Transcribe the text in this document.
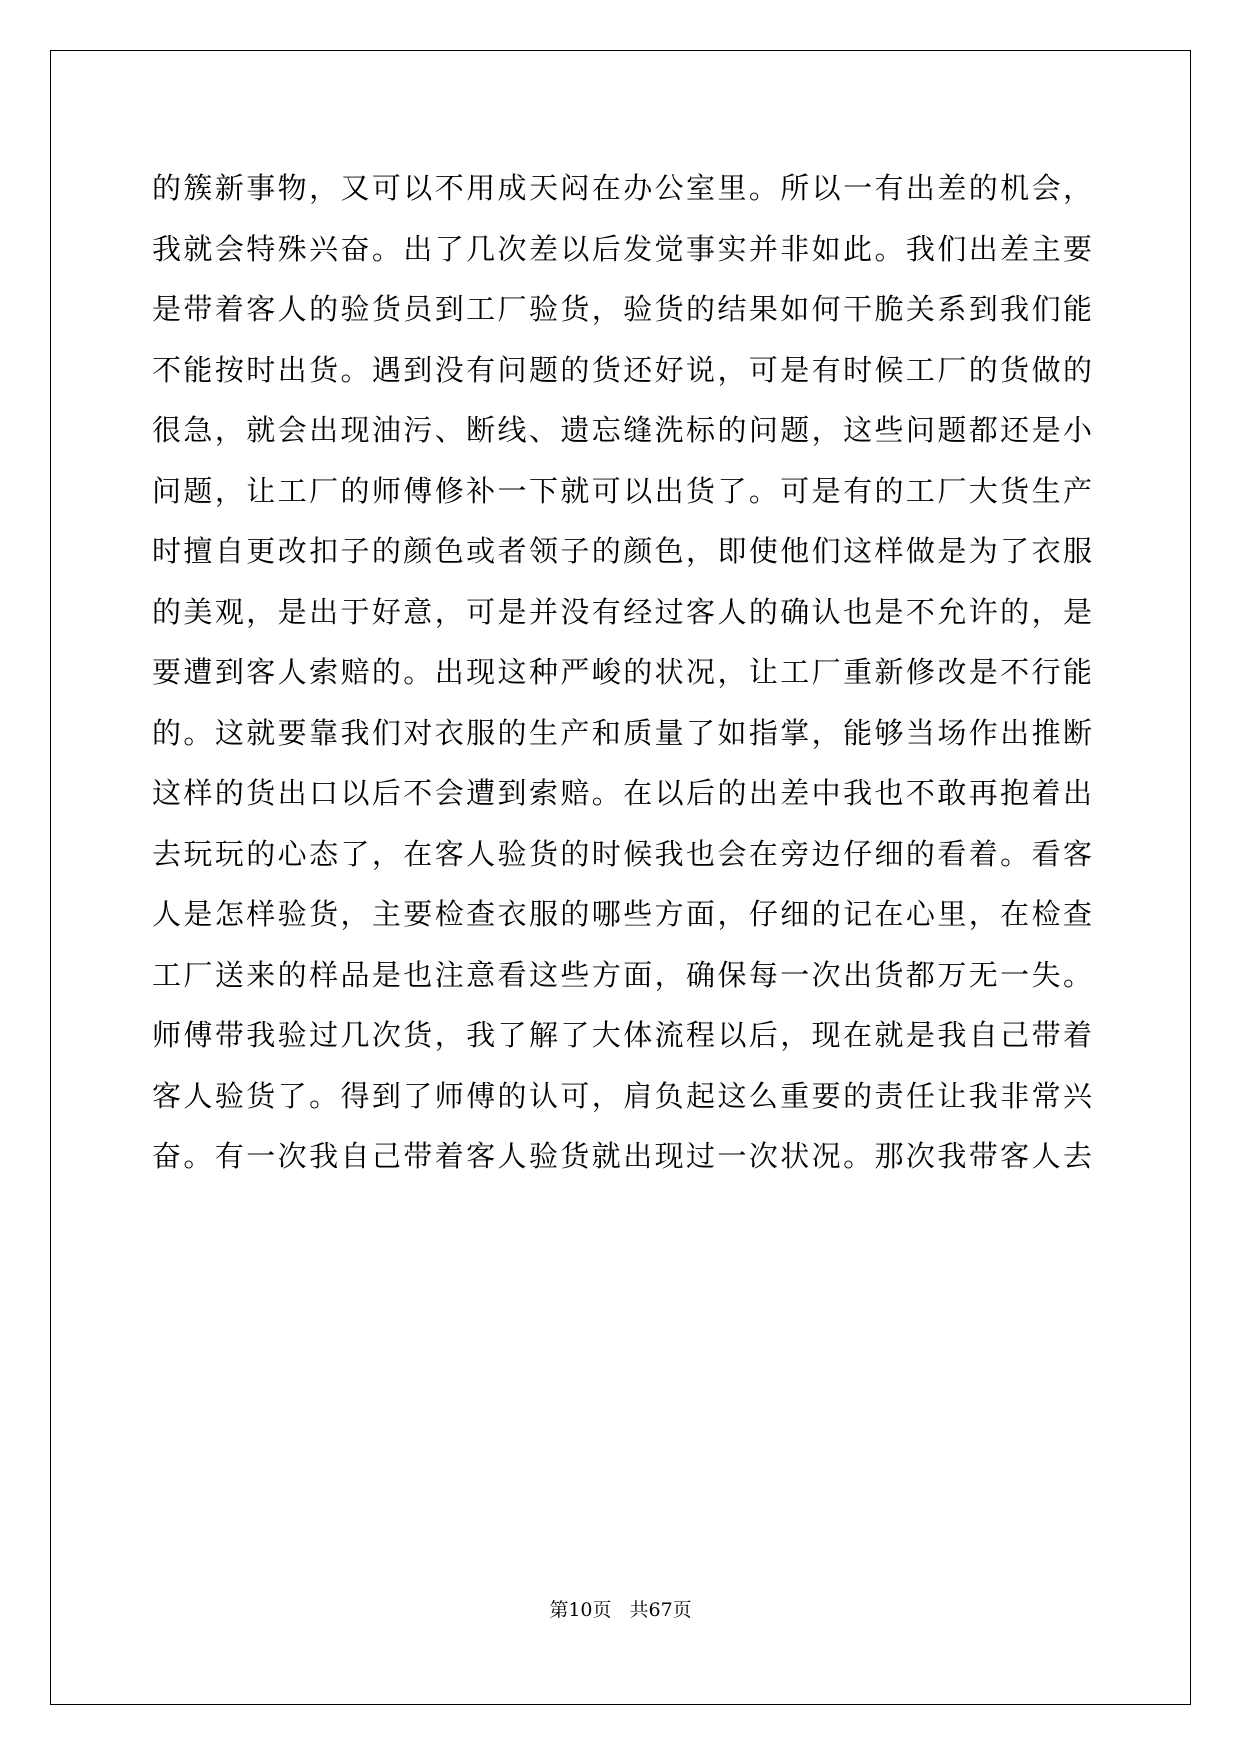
的簇新事物，又可以不用成天闷在办公室里。所以一有出差的机会，
我就会特殊兴奋。出了几次差以后发觉事实并非如此。我们出差主要
是带着客人的验货员到工厂验货，验货的结果如何干脆关系到我们能
不能按时出货。遇到没有问题的货还好说，可是有时候工厂的货做的
很急，就会出现油污、断线、遗忘缝洗标的问题，这些问题都还是小
问题，让工厂的师傅修补一下就可以出货了。可是有的工厂大货生产
时擅自更改扣子的颜色或者领子的颜色，即使他们这样做是为了衣服
的美观，是出于好意，可是并没有经过客人的确认也是不允许的，是
要遭到客人索赔的。出现这种严峻的状况，让工厂重新修改是不行能
的。这就要靠我们对衣服的生产和质量了如指掌，能够当场作出推断
这样的货出口以后不会遭到索赔。在以后的出差中我也不敢再抱着出
去玩玩的心态了，在客人验货的时候我也会在旁边仔细的看着。看客
人是怎样验货，主要检查衣服的哪些方面，仔细的记在心里，在检查
工厂送来的样品是也注意看这些方面，确保每一次出货都万无一失。
师傅带我验过几次货，我了解了大体流程以后，现在就是我自己带着
客人验货了。得到了师傅的认可，肩负起这么重要的责任让我非常兴
奋。有一次我自己带着客人验货就出现过一次状况。那次我带客人去
第10页 共67页
